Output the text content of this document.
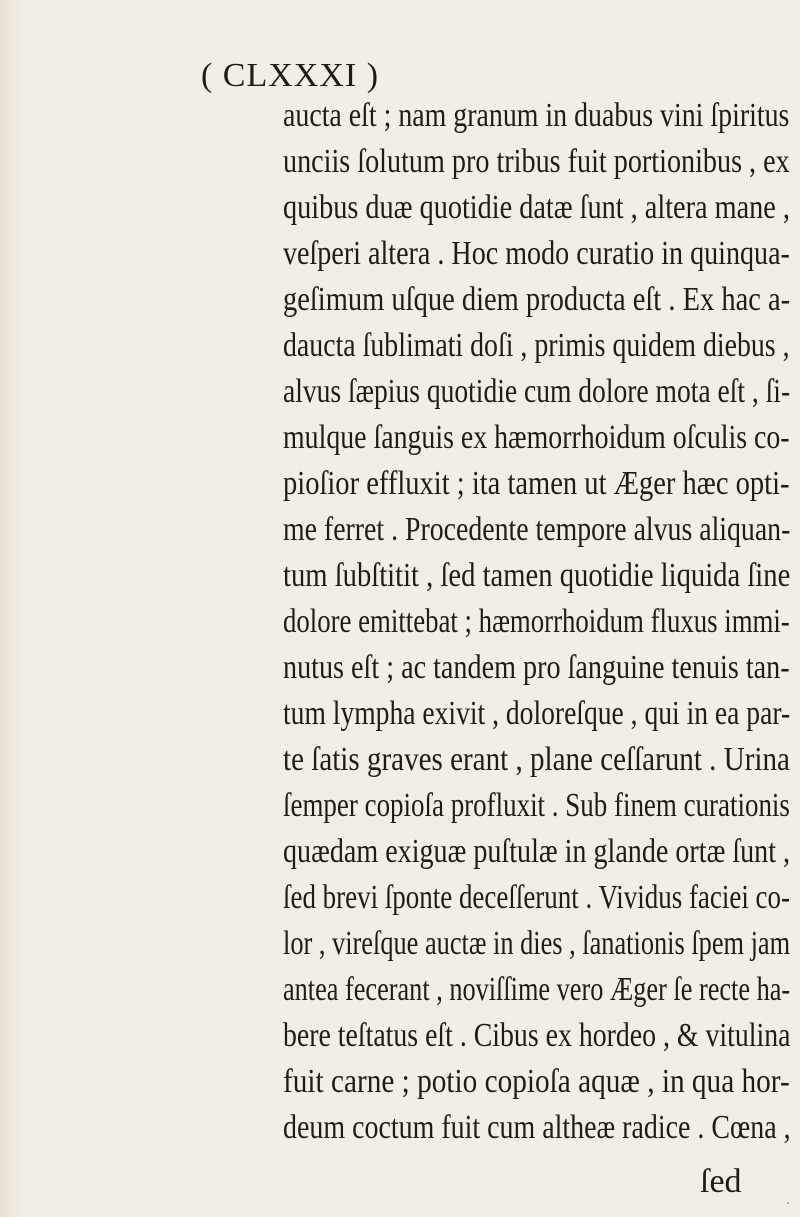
( CLXXXI )
aucta eſt ; nam granum in duabus vini ſpiritus
unciis ſolutum pro tribus fuit portionibus , ex
quibus duæ quotidie datæ ſunt , altera mane ,
veſperi altera . Hoc modo curatio in quinqua-
geſimum uſque diem producta eſt . Ex hac a-
daucta ſublimati doſi , primis quidem diebus ,
alvus ſæpius quotidie cum dolore mota eſt , ſi-
mulque ſanguis ex hæmorrhoidum oſculis co-
pioſior effluxit ; ita tamen ut Æger hæc opti-
me ferret . Procedente tempore alvus aliquan-
tum ſubſtitit , ſed tamen quotidie liquida ſine
dolore emittebat ; hæmorrhoidum fluxus immi-
nutus eſt ; ac tandem pro ſanguine tenuis tan-
tum lympha exivit , doloreſque , qui in ea par-
te ſatis graves erant , plane ceſſarunt . Urina
ſemper copioſa profluxit . Sub finem curationis
quædam exiguæ puſtulæ in glande ortæ ſunt ,
ſed brevi ſponte deceſſerunt . Vividus faciei co-
lor , vireſque auctæ in dies , ſanationis ſpem jam
antea fecerant , noviſſime vero Æger ſe recte ha-
bere teſtatus eſt . Cibus ex hordeo , & vitulina
fuit carne ; potio copioſa aquæ , in qua hor-
deum coctum fuit cum altheæ radice . Cœna ,
ſed
